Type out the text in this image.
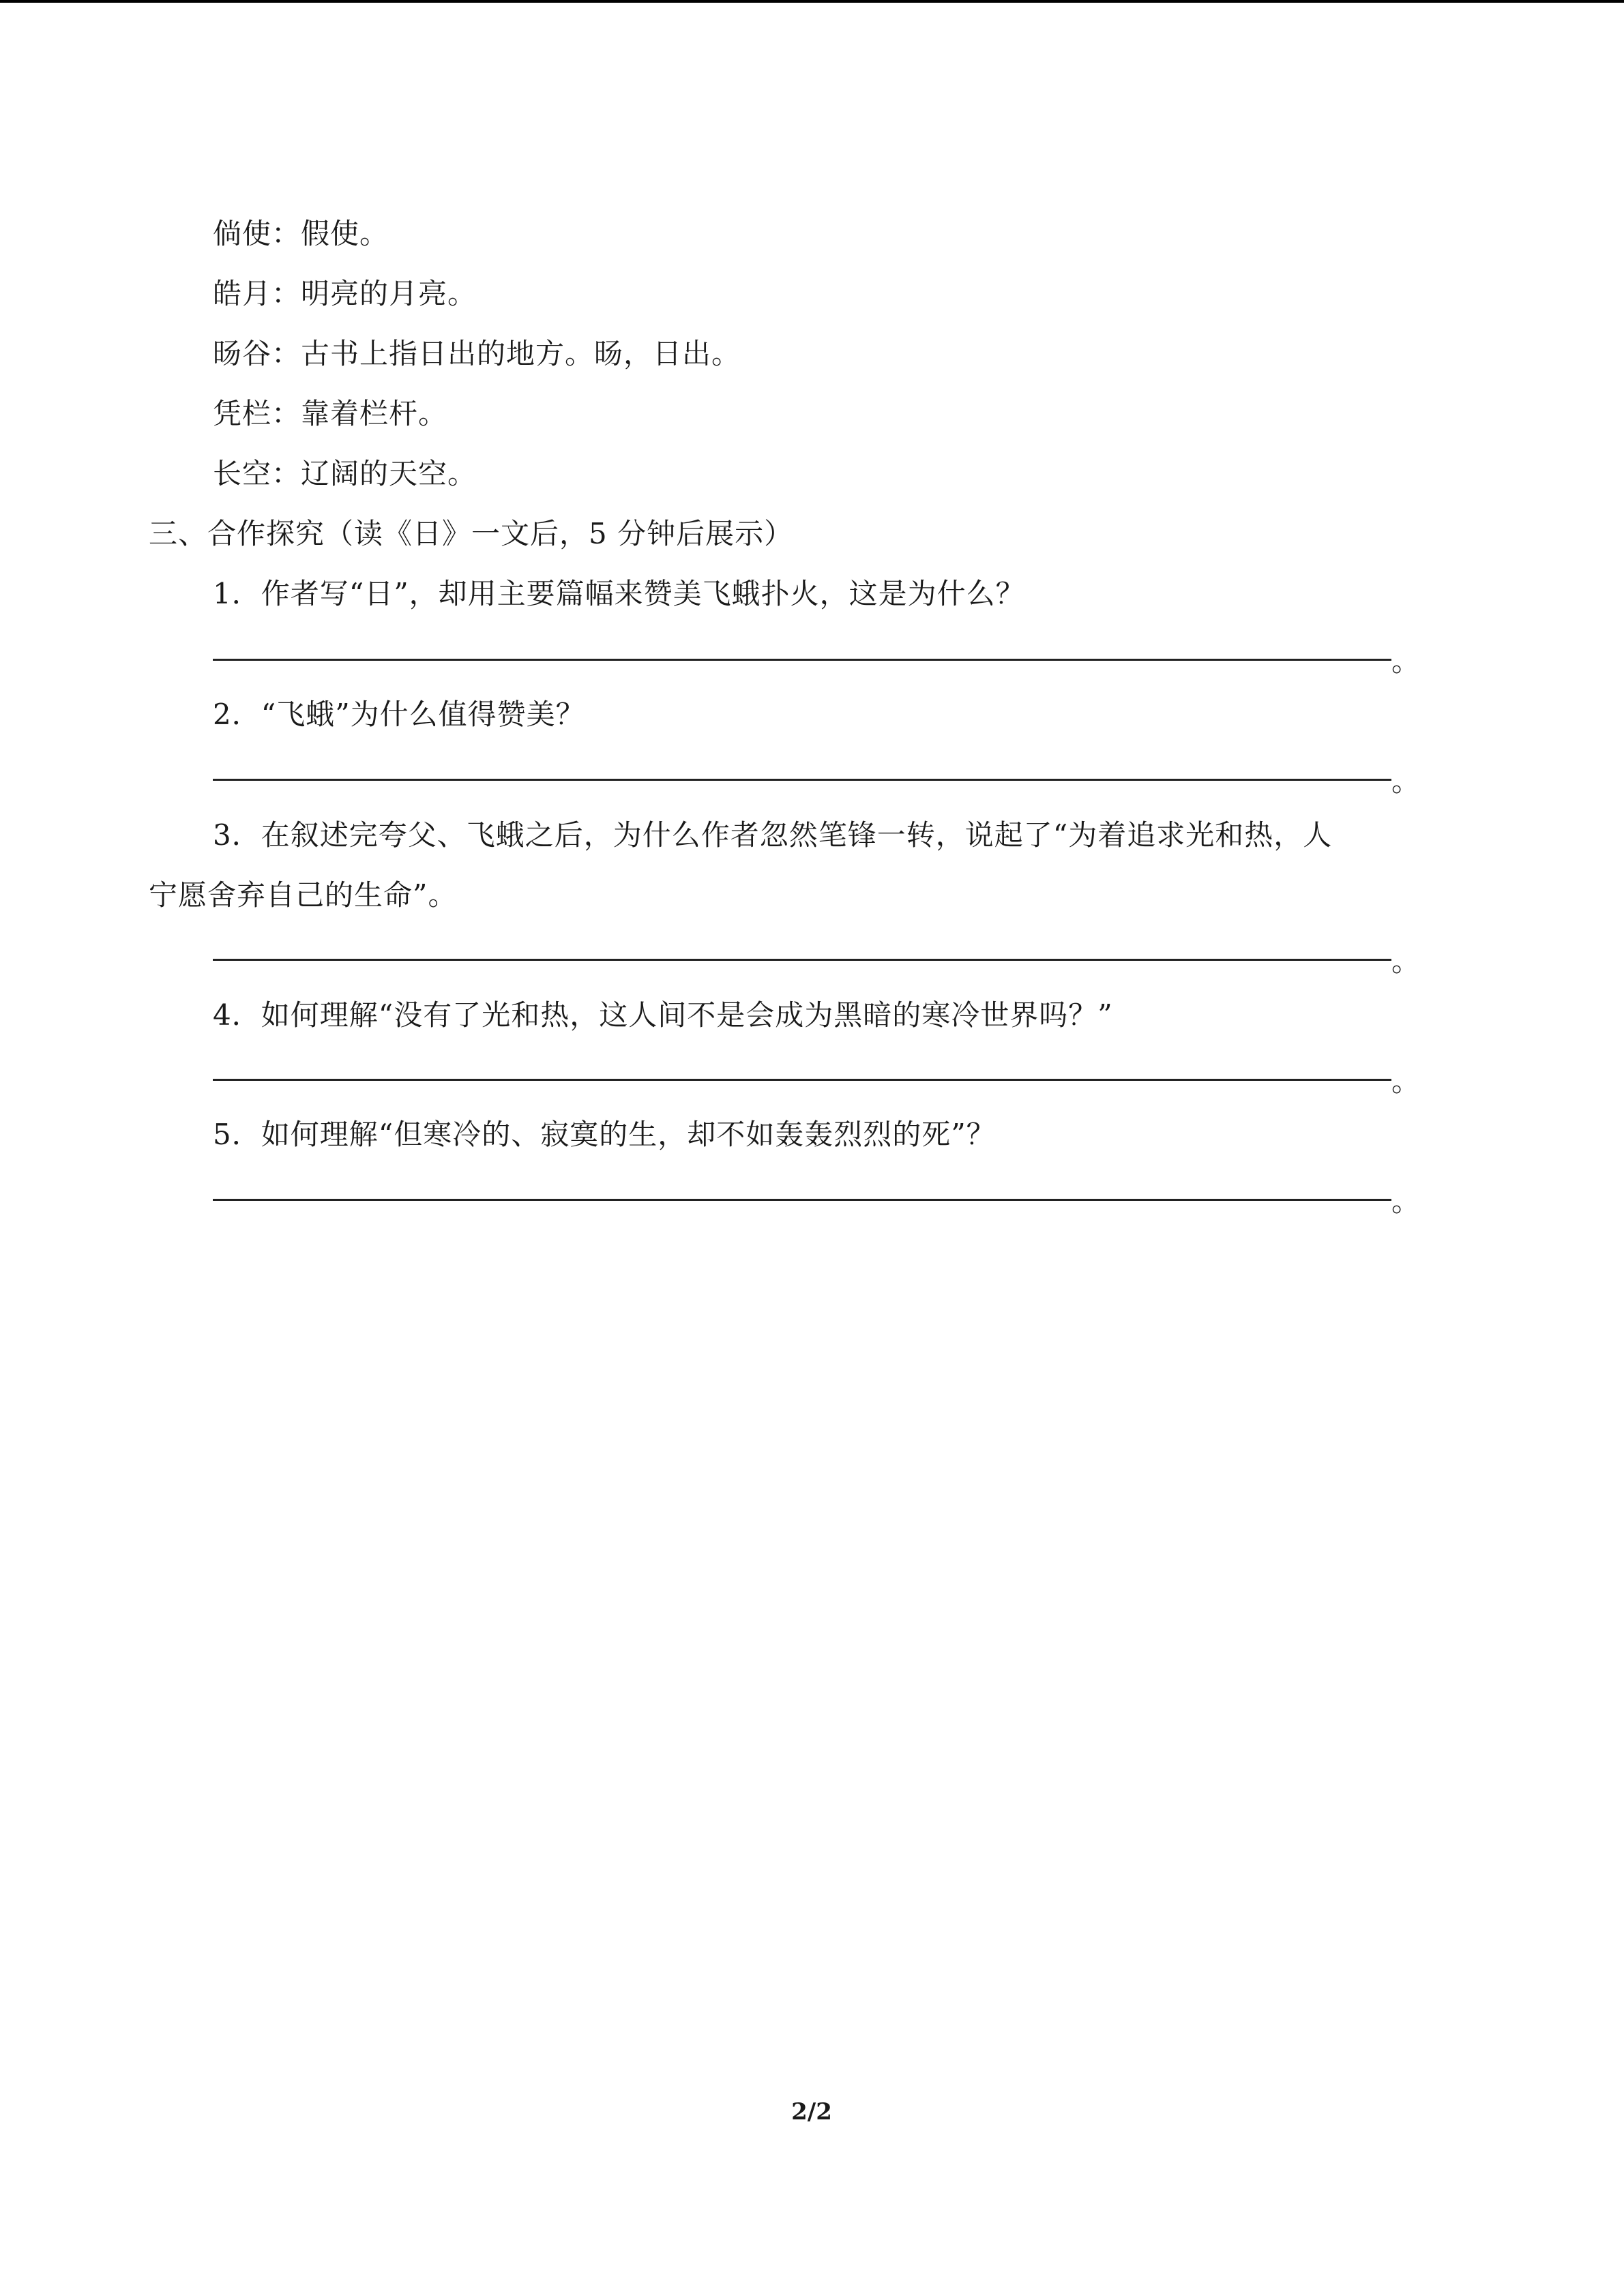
倘使：假使。
皓月：明亮的月亮。
旸谷：古书上指日出的地方。旸，日出。
凭栏：靠着栏杆。
长空：辽阔的天空。
三、合作探究（读《日》一文后，5 分钟后展示）
1．作者写“日”，却用主要篇幅来赞美飞蛾扑火，这是为什么？
。
2．“飞蛾”为什么值得赞美？
。
3．在叙述完夸父、飞蛾之后，为什么作者忽然笔锋一转，说起了“为着追求光和热，人
宁愿舍弃自己的生命”。
。
4．如何理解“没有了光和热，这人间不是会成为黑暗的寒冷世界吗？”
。
5．如何理解“但寒冷的、寂寞的生，却不如轰轰烈烈的死”？
。
2/2
